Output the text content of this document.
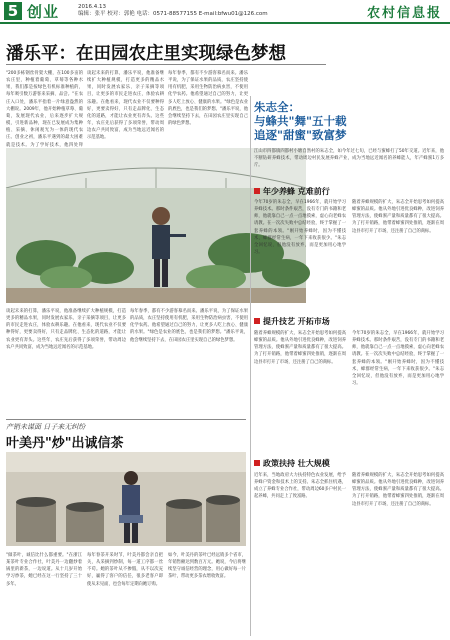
5 创业	2016.4.13
编辑：张平 校对：郭艳 电话：0571-88577155 E-mail:bfwu01@126.com	农村信息报
潘乐平：在田园农庄里实现绿色梦想
"200多栋钢丝骨架大棚，在100多亩的农庄里，种植着葡萄、草莓等各种水果，我们都是按绿色有机标准种植的，每年吸引数万游客来采摘、品尝。"在农庄入口处，潘乐平指着一片绿意盎然的大棚说。2009年，他开始种植草莓、葡萄，发展现代农业，后来逐步扩大规模，引进新品种，现在已发展成为集种植、采摘、休闲观光为一体的现代农庄。创业之初，潘乐平遇到的最大困难就是技术。为了学好技术，他四处拜
谈起未来的打算，潘乐平说，他准备继续扩大种植规模，打造更多的精品水果，同时发展农家乐、亲子采摘等项目，让更多的市民走进农庄，体验农耕乐趣。在他看来，现代农业不仅要种得好，更要卖得好，只有走品牌化、生态化的道路，才能让农业更有奔头。这些年，农庄先后获得了多项荣誉，带动周边农户共同致富，成为当地远近闻名的示范基地。
每年春季，都有不少游客慕名而来。潘乐平说，为了保证水果的品质，农庄坚持使用有机肥，采用生物防治病虫害，不使用化学农药。他希望通过自己的努力，让更多人吃上放心、健康的水果。"绿色是农业的底色，也是我们的梦想。"潘乐平说，他会继续坚持下去，在田园农庄里实现自己的绿色梦想。
谈起未来的打算，潘乐平说，他准备继续扩大种植规模，打造更多的精品水果，同时发展农家乐、亲子采摘等项目，让更多的市民走进农庄，体验农耕乐趣。在他看来，现代农业不仅要种得好，更要卖得好，只有走品牌化、生态化的道路，才能让农业更有奔头。这些年，农庄先后获得了多项荣誉，带动周边农户共同致富，成为当地远近闻名的示范基地。
每年春季，都有不少游客慕名而来。潘乐平说，为了保证水果的品质，农庄坚持使用有机肥，采用生物防治病虫害，不使用化学农药。他希望通过自己的努力，让更多人吃上放心、健康的水果。"绿色是农业的底色，也是我们的梦想。"潘乐平说，他会继续坚持下去，在田园农庄里实现自己的绿色梦想。
朱志全：
与蜂共"舞"五十载
追逐"甜蜜"致富梦
江山市四都镇四都村小塘自然村的朱志全，如今年过七旬，已经与蜜蜂打了50年交道。近年来，他不断钻研养蜂技术，带动周边村民发展养蜂产业，成为当地远近闻名的养蜂能人，年产蜂蜜1万多斤。
年少养蜂 克难前行
今年70岁的朱志全，早在1966年，就开始学习养蜂技术。那时条件艰苦，没有专门的书籍和老师，他就靠自己一点一点地摸索，虚心向老蜂农请教。在一次次失败中总结经验，终于掌握了一套养蜂的本领。"刚开始养蜂时，因为不懂技术，蜂群经常生病，一年下来收获很少。"朱志全回忆说，但他没有放弃，而是更加用心地学习。
随着养蜂规模的扩大，朱志全开始思考如何提高蜂蜜的品质。他从外地引进优良蜂种，改进饲养管理方法，使蜂蜜产量和质量都有了很大提高。为了打开销路，他带着蜂蜜四处推销，逐渐在周边县市打开了市场，还注册了自己的商标。
提升技艺 开拓市场
随着养蜂规模的扩大，朱志全开始思考如何提高蜂蜜的品质。他从外地引进优良蜂种，改进饲养管理方法，使蜂蜜产量和质量都有了很大提高。为了打开销路，他带着蜂蜜四处推销，逐渐在周边县市打开了市场，还注册了自己的商标。
今年70岁的朱志全，早在1966年，就开始学习养蜂技术。那时条件艰苦，没有专门的书籍和老师，他就靠自己一点一点地摸索，虚心向老蜂农请教。在一次次失败中总结经验，终于掌握了一套养蜂的本领。"刚开始养蜂时，因为不懂技术，蜂群经常生病，一年下来收获很少。"朱志全回忆说，但他没有放弃，而是更加用心地学习。
政策扶持 壮大规模
近年来，当地政府大力扶持特色农业发展，给予养蜂户资金和技术上的支持。朱志全抓住机遇，成立了养蜂专业合作社，带动周边60多户村民一起养蜂，共同走上了致富路。
随着养蜂规模的扩大，朱志全开始思考如何提高蜂蜜的品质。他从外地引进优良蜂种，改进饲养管理方法，使蜂蜜产量和质量都有了很大提高。为了打开销路，他带着蜂蜜四处推销，逐渐在周边县市打开了市场，还注册了自己的商标。
产销未谋面 日子来无纠纷
叶美丹"炒"出诚信茶
"做茶叶，诚信比什么都重要。"在浙江某茶叶专业合作社，叶美丹一边翻炒着锅里的新茶，一边说道。从十几岁开始学习炒茶，她已经在这一行坚持了三十多年。
每年春茶开采时节，叶美丹都会亲自把关，从采摘到炒制，每一道工序都一丝不苟。她的茶叶从不掺假，从不以次充好，赢得了客户的信任，很多老客户即使从未见面，也会每年定期向她订购。
如今，叶美丹的茶叶已经远销多个省市，年销售额达到数百万元。她说，今后将继续坚守诚信经营的理念，用心做好每一片茶叶，带动更多茶农增收致富。
